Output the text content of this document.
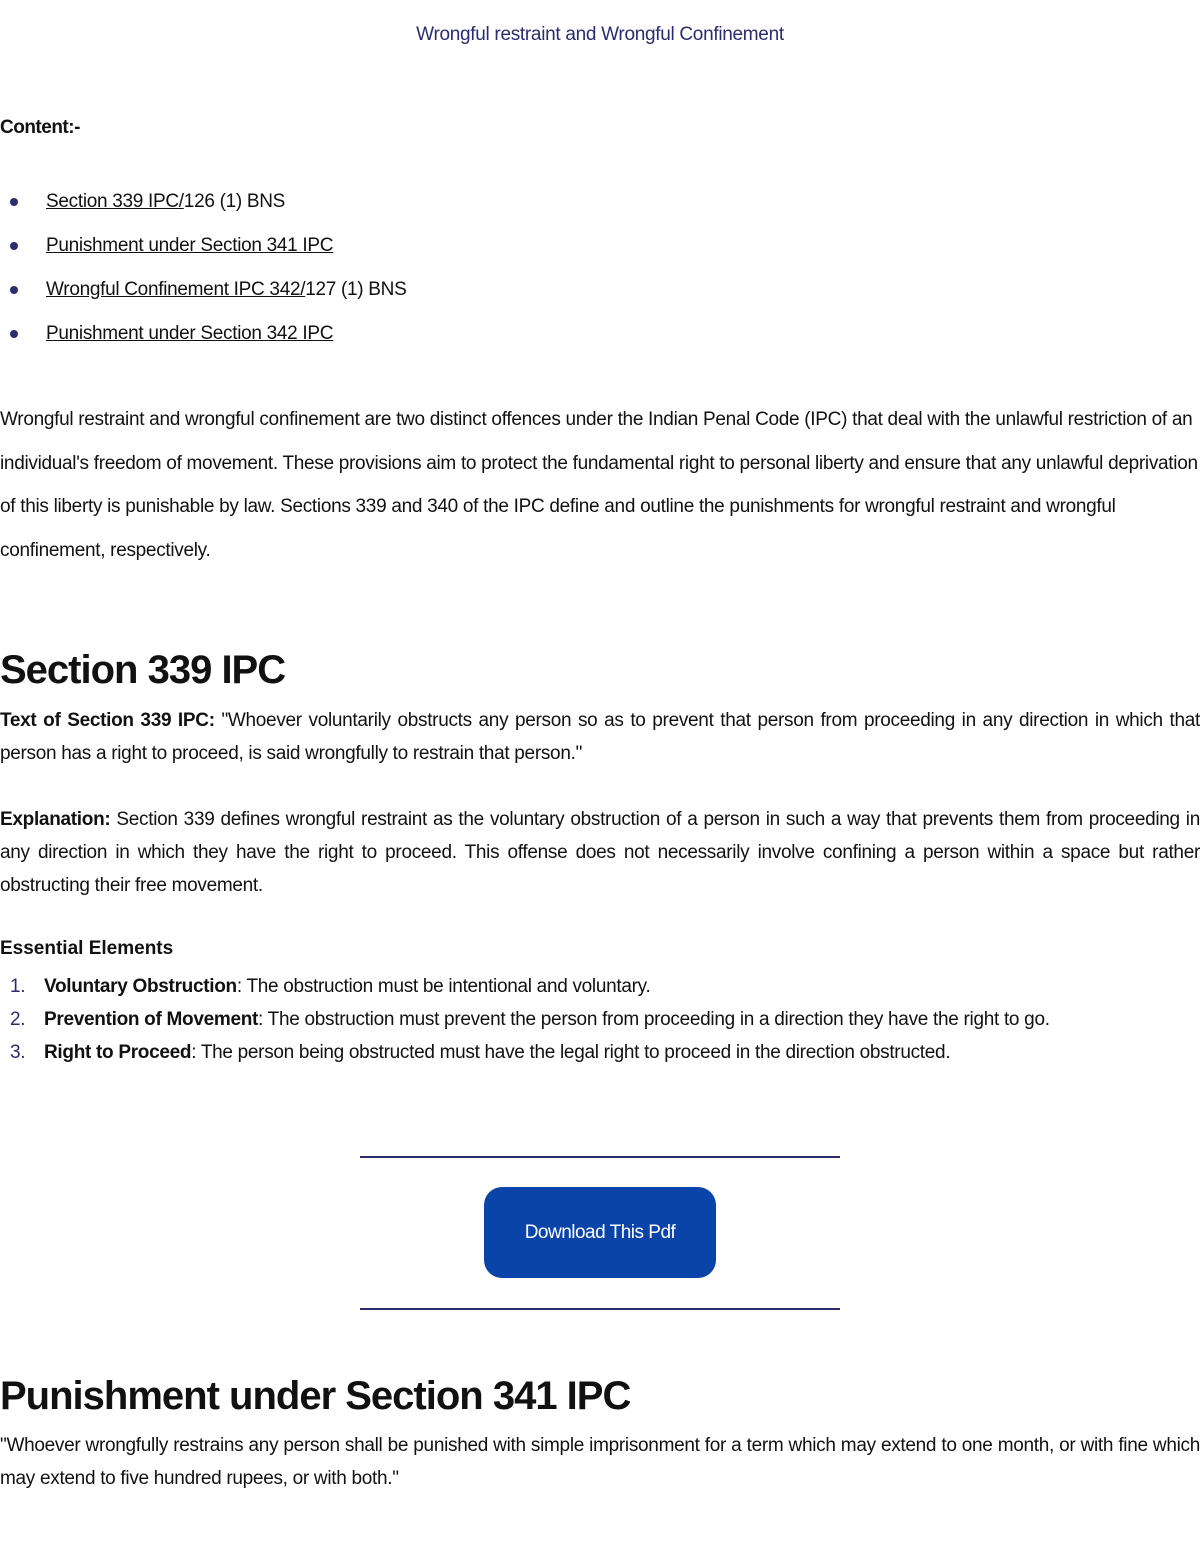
Wrongful restraint and Wrongful Confinement
Content:-
Section 339 IPC/126 (1) BNS
Punishment under Section 341 IPC
Wrongful Confinement IPC 342/127 (1) BNS
Punishment under Section 342 IPC
Wrongful restraint and wrongful confinement are two distinct offences under the Indian Penal Code (IPC) that deal with the unlawful restriction of an individual's freedom of movement. These provisions aim to protect the fundamental right to personal liberty and ensure that any unlawful deprivation of this liberty is punishable by law. Sections 339 and 340 of the IPC define and outline the punishments for wrongful restraint and wrongful confinement, respectively.
Section 339 IPC
Text of Section 339 IPC: "Whoever voluntarily obstructs any person so as to prevent that person from proceeding in any direction in which that person has a right to proceed, is said wrongfully to restrain that person."
Explanation: Section 339 defines wrongful restraint as the voluntary obstruction of a person in such a way that prevents them from proceeding in any direction in which they have the right to proceed. This offense does not necessarily involve confining a person within a space but rather obstructing their free movement.
Essential Elements
1. Voluntary Obstruction: The obstruction must be intentional and voluntary.
2. Prevention of Movement: The obstruction must prevent the person from proceeding in a direction they have the right to go.
3. Right to Proceed: The person being obstructed must have the legal right to proceed in the direction obstructed.
Download This Pdf
Punishment under Section 341 IPC
"Whoever wrongfully restrains any person shall be punished with simple imprisonment for a term which may extend to one month, or with fine which may extend to five hundred rupees, or with both."
